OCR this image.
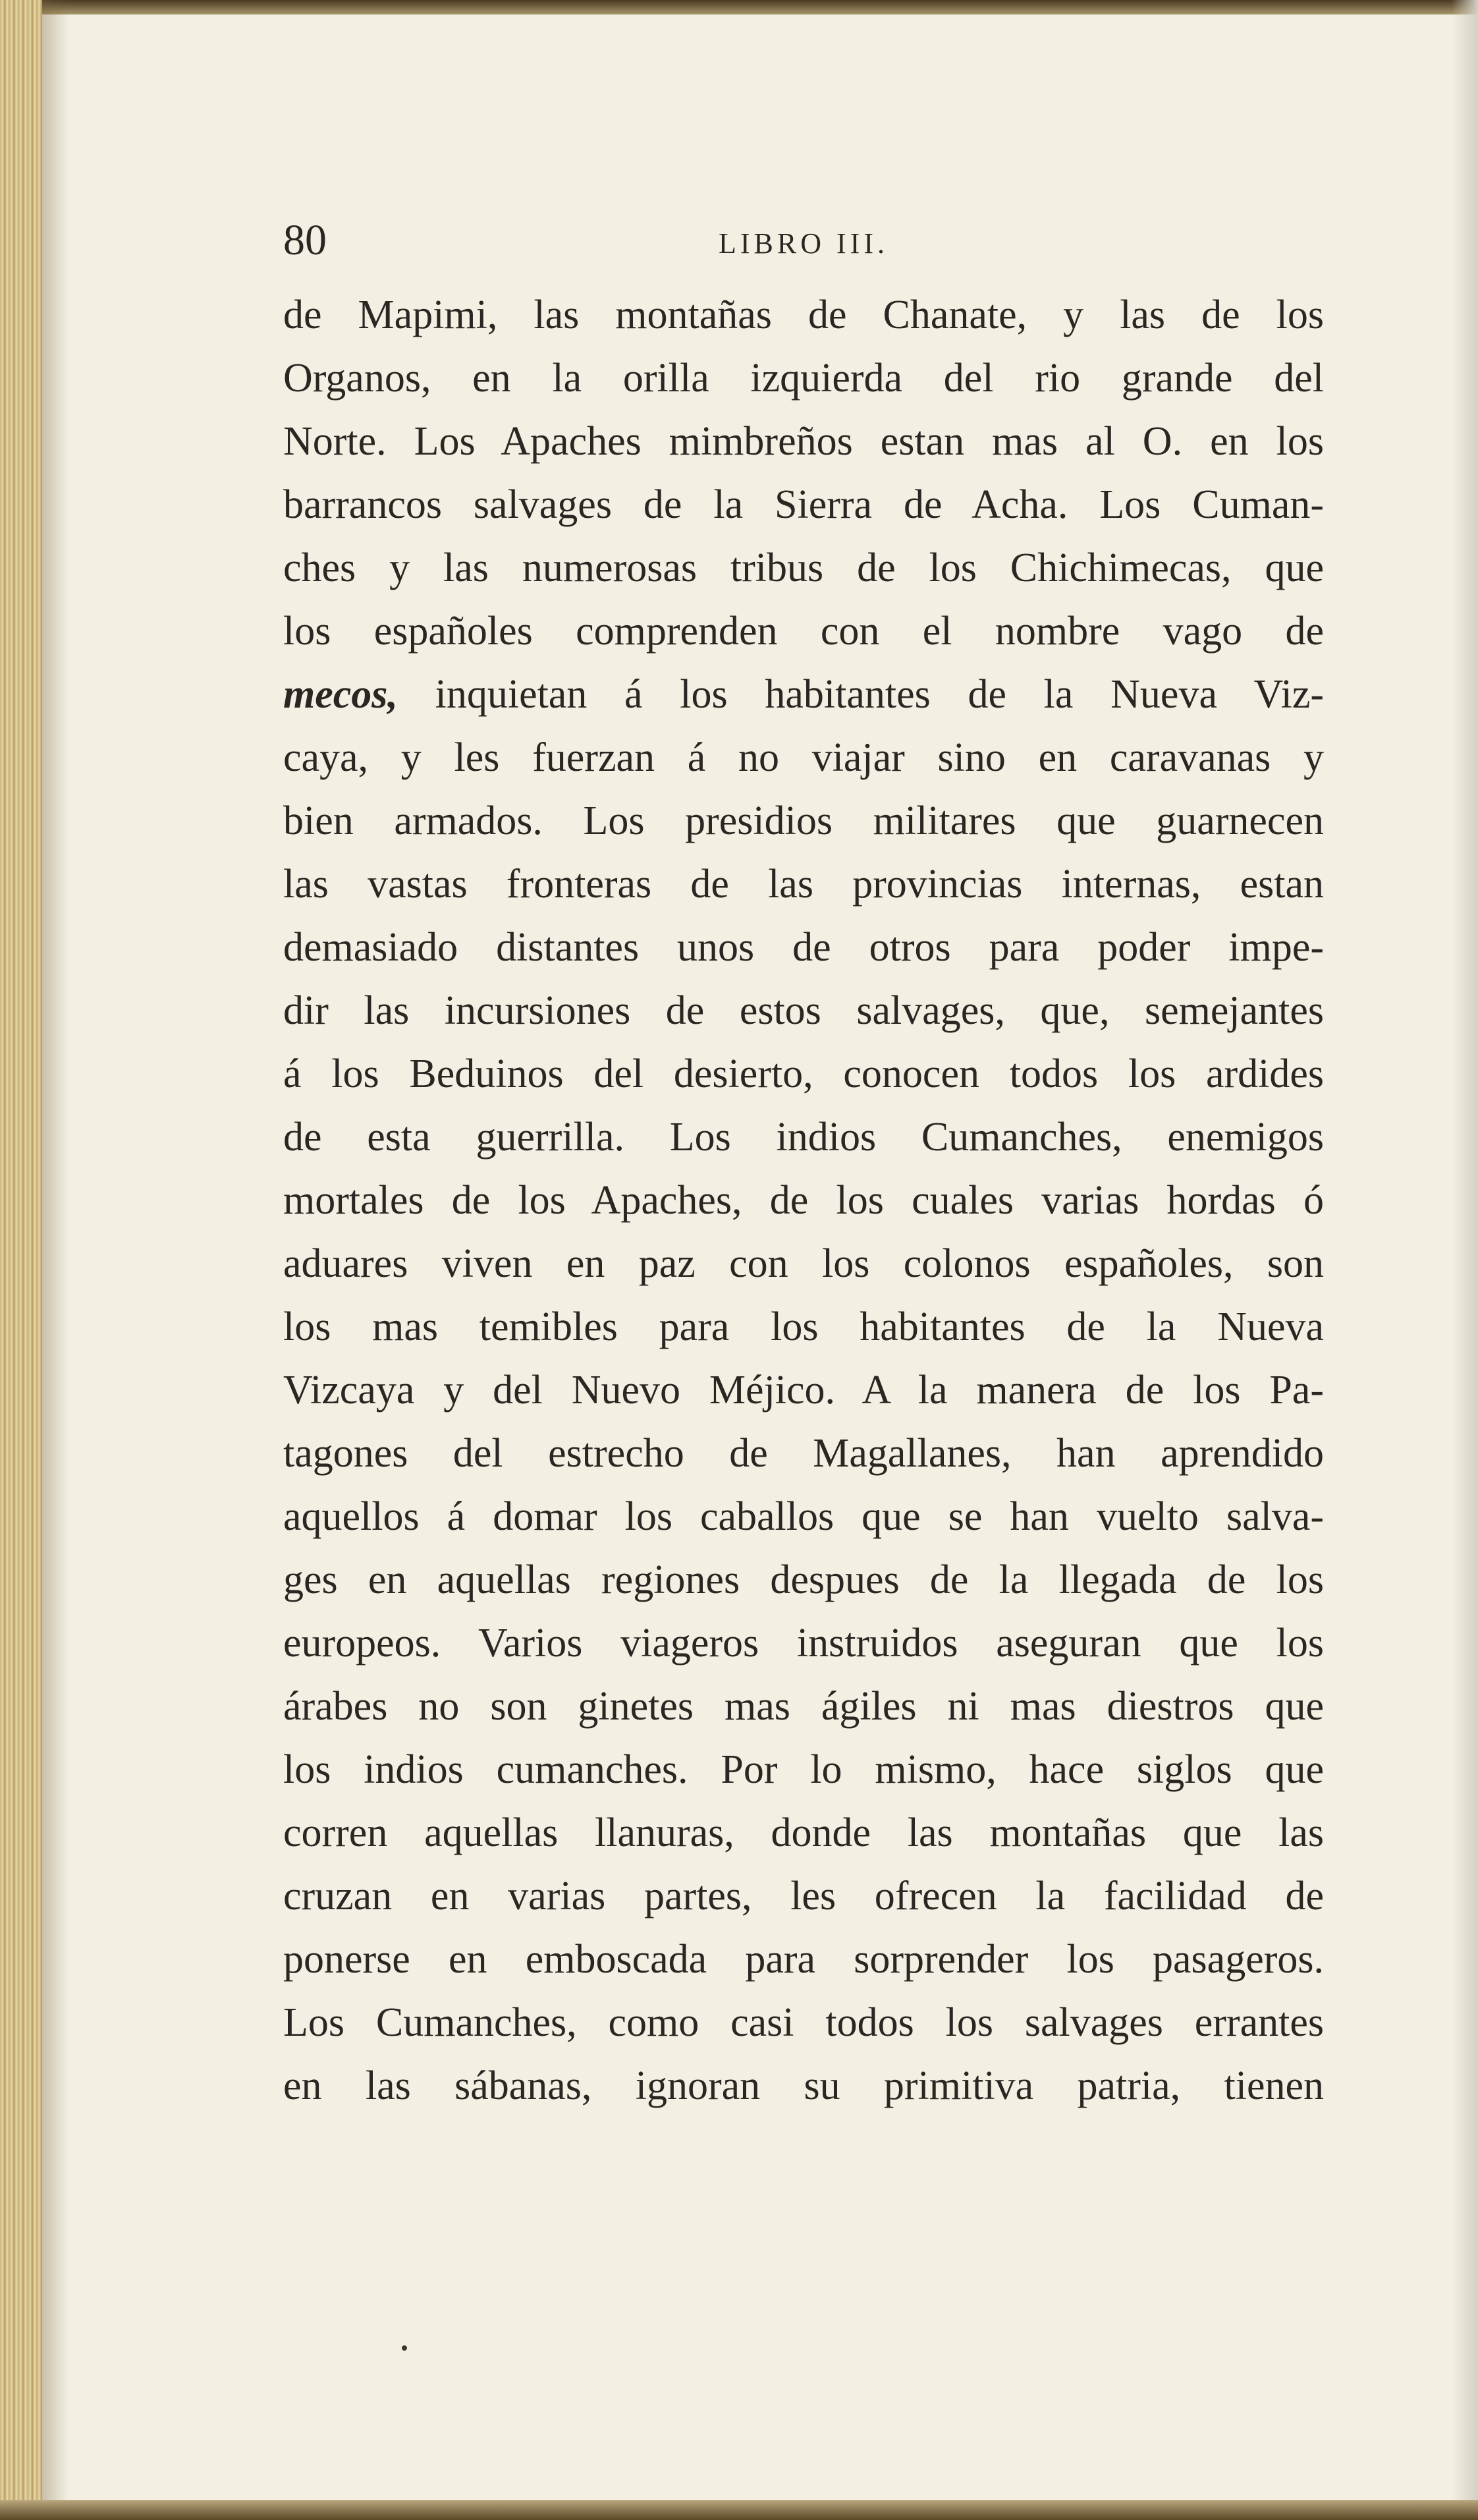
80	LIBRO III.
de Mapimi, las montañas de Chanate, y las de los
Organos, en la orilla izquierda del rio grande del
Norte. Los Apaches mimbreños estan mas al O. en los
barrancos salvages de la Sierra de Acha. Los Cuman-
ches y las numerosas tribus de los Chichimecas, que
los españoles comprenden con el nombre vago de
mecos, inquietan á los habitantes de la Nueva Viz-
caya, y les fuerzan á no viajar sino en caravanas y
bien armados. Los presidios militares que guarnecen
las vastas fronteras de las provincias internas, estan
demasiado distantes unos de otros para poder impe-
dir las incursiones de estos salvages, que, semejantes
á los Beduinos del desierto, conocen todos los ardides
de esta guerrilla. Los indios Cumanches, enemigos
mortales de los Apaches, de los cuales varias hordas ó
aduares viven en paz con los colonos españoles, son
los mas temibles para los habitantes de la Nueva
Vizcaya y del Nuevo Méjico. A la manera de los Pa-
tagones del estrecho de Magallanes, han aprendido
aquellos á domar los caballos que se han vuelto salva-
ges en aquellas regiones despues de la llegada de los
europeos. Varios viageros instruidos aseguran que los
árabes no son ginetes mas ágiles ni mas diestros que
los indios cumanches. Por lo mismo, hace siglos que
corren aquellas llanuras, donde las montañas que las
cruzan en varias partes, les ofrecen la facilidad de
ponerse en emboscada para sorprender los pasageros.
Los Cumanches, como casi todos los salvages errantes
en las sábanas, ignoran su primitiva patria, tienen
